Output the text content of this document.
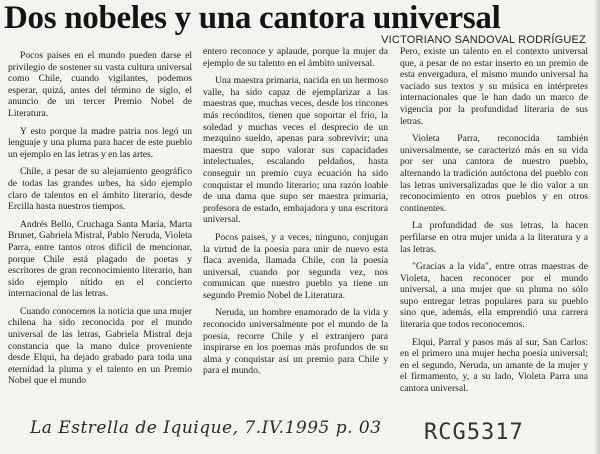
Dos nobeles y una cantora universal
VICTORIANO SANDOVAL RODRÍGUEZ

Pocos países en el mundo pueden darse el privilegio de sostener su vasta cultura universal como Chile, cuando vigilantes, podemos esperar, quizá, antes del término de siglo, el anuncio de un tercer Premio Nobel de Literatura.

Y esto porque la madre patria nos legó un lenguaje y una pluma para hacer de este pueblo un ejemplo en las letras y en las artes.

Chile, a pesar de su alejamiento geográfico de todas las grandes urbes, ha sido ejemplo claro de talentos en el ámbito literario, desde Ercilla hasta nuestros tiempos.

Andrés Bello, Cruchaga Santa María, Marta Brunet, Gabriela Mistral, Pablo Neruda, Violeta Parra, entre tantos otros difícil de mencionar, porque Chile está plagado de poetas y escritores de gran reconocimiento literario, han sido ejemplo nítido en el concierto internacional de las letras.

Cuando conocemos la noticia que una mujer chilena ha sido reconocida por el mundo universal de las letras, Gabriela Mistral deja constancia que la mano dulce proveniente desde Elqui, ha dejado grabado para toda una eternidad la pluma y el talento en un Premio Nobel que el mundo

entero reconoce y aplaude, porque la mujer da ejemplo de su talento en el ámbito universal.

Una maestra primaria, nacida en un hermoso valle, ha sido capaz de ejemplarizar a las maestras que, muchas veces, desde los rincones más recónditos, tienen que soportar el frío, la soledad y muchas veces el desprecio de un mezquino sueldo, apenas para sobrevivir; una maestra que supo valorar sus capacidades intelectuales, escalando peldaños, hasta conseguir un premio cuya ecuación ha sido conquistar el mundo literario; una razón loable de una dama que supo ser maestra primaria, profesora de estado, embajadora y una escritora universal.

Pocos países, y a veces, ninguno, conjugan la virtud de la poesía para unir de nuevo esta flaca avenida, llamada Chile, con la poesía universal, cuando por segunda vez, nos comunican que nuestro pueblo ya tiene un segundo Premio Nobel de Literatura.

Neruda, un hombre enamorado de la vida y reconocido universalmente por el mundo de la poesía, recorre Chile y el extranjero para inspirarse en los poemas más profundos de su alma y conquistar así un premio para Chile y para el mundo.

Pero, existe un talento en el contexto universal que, a pesar de no estar inserto en un premio de esta envergadura, el mismo mundo universal ha vaciado sus textos y su música en intérpretes internacionales que le han dado un marco de vigencia por la profundidad literaria de sus letras.

Violeta Parra, reconocida también universalmente, se caracterizó más en su vida por ser una cantora de nuestro pueblo, alternando la tradición autóctona del pueblo con las letras universalizadas que le dio valor a un reconocimiento en otros pueblos y en otros continentes.

La profundidad de sus letras, la hacen perfilarse en otra mujer unida a la literatura y a las letras.

"Gracias a la vida", entre otras maestras de Violeta, hacen reconocer por el mundo universal, a una mujer que su pluma no sólo supo entregar letras populares para su pueblo sino que, además, ella emprendió una carrera literaria que todos reconocemos.

Elqui, Parral y pasos más al sur, San Carlos: en el primero una mujer hecha poesía universal; en el segundo, Neruda, un amante de la mujer y el firmamento, y, a su lado, Violeta Parra una cantora universal.

La Estrella de Iquique, 7.IV.1995 p. 03 RCG5317
